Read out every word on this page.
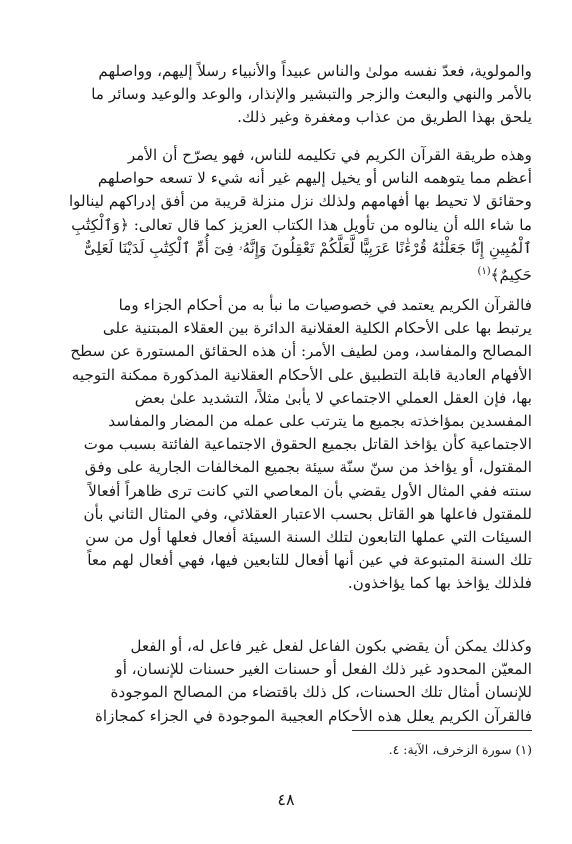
والمولوية، فعدّ نفسه مولىٰ والناس عبيداً والأنبياء رسلاً إليهم، وواصلهم
بالأمر والنهي والبعث والزجر والتبشير والإنذار، والوعد والوعيد وسائر ما
يلحق بهذا الطريق من عذاب ومغفرة وغير ذلك.
وهذه طريقة القرآن الكريم في تكليمه للناس، فهو يصرّح أن الأمر
أعظم مما يتوهمه الناس أو يخيل إليهم غير أنه شيء لا تسعه حواصلهم
وحقائق لا تحيط بها أفهامهم ولذلك نزل منزلة قريبة من أفق إدراكهم لينالوا
ما شاء الله أن ينالوه من تأويل هذا الكتاب العزيز كما قال تعالى: ﴿وَٱلْكِتَٰبِ
ٱلْمُبِينِ إِنَّا جَعَلْنَٰهُ قُرْءَٰنًا عَرَبِيًّا لَّعَلَّكُمْ تَعْقِلُونَ وَإِنَّهُۥ فِىٓ أُمِّ ٱلْكِتَٰبِ لَدَيْنَا لَعَلِىٌّ
حَكِيمٌ﴾$^{(١)}$
فالقرآن الكريم يعتمد في خصوصيات ما نبأ به من أحكام الجزاء وما
يرتبط بها على الأحكام الكلية العقلانية الدائرة بين العقلاء المبتنية على
المصالح والمفاسد، ومن لطيف الأمر: أن هذه الحقائق المستورة عن سطح
الأفهام العادية قابلة التطبيق على الأحكام العقلانية المذكورة ممكنة التوجيه
بها، فإن العقل العملي الاجتماعي لا يأبىٰ مثلاً، التشديد علىٰ بعض
المفسدين بمؤاخذته بجميع ما يترتب على عمله من المضار والمفاسد
الاجتماعية كأن يؤاخذ القاتل بجميع الحقوق الاجتماعية الفائتة بسبب موت
المقتول، أو يؤاخذ من سنّ سنّة سيئة بجميع المخالفات الجارية على وفق
سنته ففي المثال الأول يقضي بأن المعاصي التي كانت ترى ظاهراً أفعالاً
للمقتول فاعلها هو القاتل بحسب الاعتبار العقلائي، وفي المثال الثاني بأن
السيئات التي عملها التابعون لتلك السنة السيئة أفعال فعلها أول من سن
تلك السنة المتبوعة في عين أنها أفعال للتابعين فيها، فهي أفعال لهم معاً
فلذلك يؤاخذ بها كما يؤاخذون.
وكذلك يمكن أن يقضي بكون الفاعل لفعل غير فاعل له، أو الفعل
المعيّن المحدود غير ذلك الفعل أو حسنات الغير حسنات للإنسان، أو
للإنسان أمثال تلك الحسنات، كل ذلك باقتضاء من المصالح الموجودة
فالقرآن الكريم يعلل هذه الأحكام العجيبة الموجودة في الجزاء كمجازاة
(١) سورة الزخرف، الآية: ٤.
٤٨
